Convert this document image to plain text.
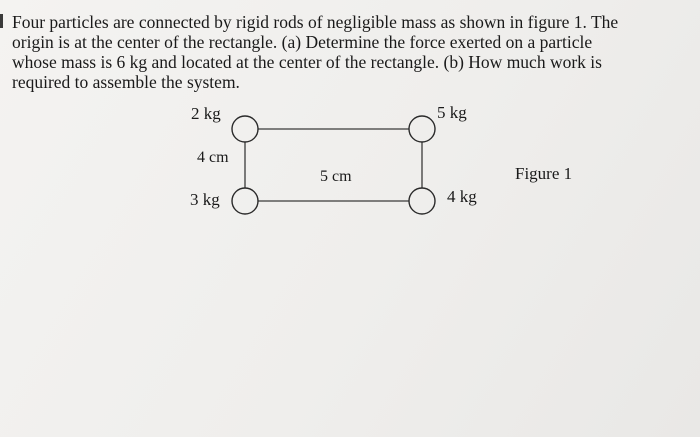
Four particles are connected by rigid rods of negligible mass as shown in figure 1. The
origin is at the center of the rectangle. (a) Determine the force exerted on a particle
whose mass is 6 kg and located at the center of the rectangle. (b) How much work is
required to assemble the system.
2 kg	5 kg
3 kg	4 kg
4 cm
5 cm	Figure 1
